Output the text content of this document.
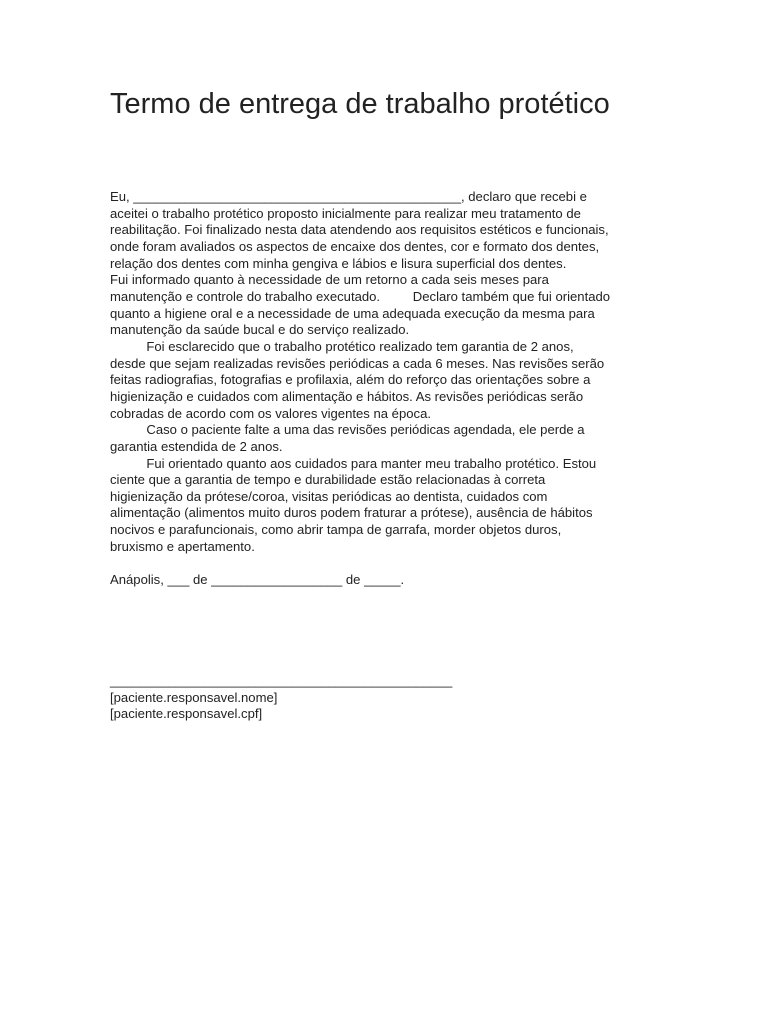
Termo de entrega de trabalho protético
Eu, _____________________________________________, declaro que recebi e
aceitei o trabalho protético proposto inicialmente para realizar meu tratamento de
reabilitação. Foi finalizado nesta data atendendo aos requisitos estéticos e funcionais,
onde foram avaliados os aspectos de encaixe dos dentes, cor e formato dos dentes,
relação dos dentes com minha gengiva e lábios e lisura superficial dos dentes.
Fui informado quanto à necessidade de um retorno a cada seis meses para
manutenção e controle do trabalho executado.         Declaro também que fui orientado
quanto a higiene oral e a necessidade de uma adequada execução da mesma para
manutenção da saúde bucal e do serviço realizado.
Foi esclarecido que o trabalho protético realizado tem garantia de 2 anos,
desde que sejam realizadas revisões periódicas a cada 6 meses. Nas revisões serão
feitas radiografias, fotografias e profilaxia, além do reforço das orientações sobre a
higienização e cuidados com alimentação e hábitos. As revisões periódicas serão
cobradas de acordo com os valores vigentes na época.
Caso o paciente falte a uma das revisões periódicas agendada, ele perde a
garantia estendida de 2 anos.
Fui orientado quanto aos cuidados para manter meu trabalho protético. Estou
ciente que a garantia de tempo e durabilidade estão relacionadas à correta
higienização da prótese/coroa, visitas periódicas ao dentista, cuidados com
alimentação (alimentos muito duros podem fraturar a prótese), ausência de hábitos
nocivos e parafuncionais, como abrir tampa de garrafa, morder objetos duros,
bruxismo e apertamento.
Anápolis, ___ de __________________ de _____.
_______________________________________________
[paciente.responsavel.nome]
[paciente.responsavel.cpf]
